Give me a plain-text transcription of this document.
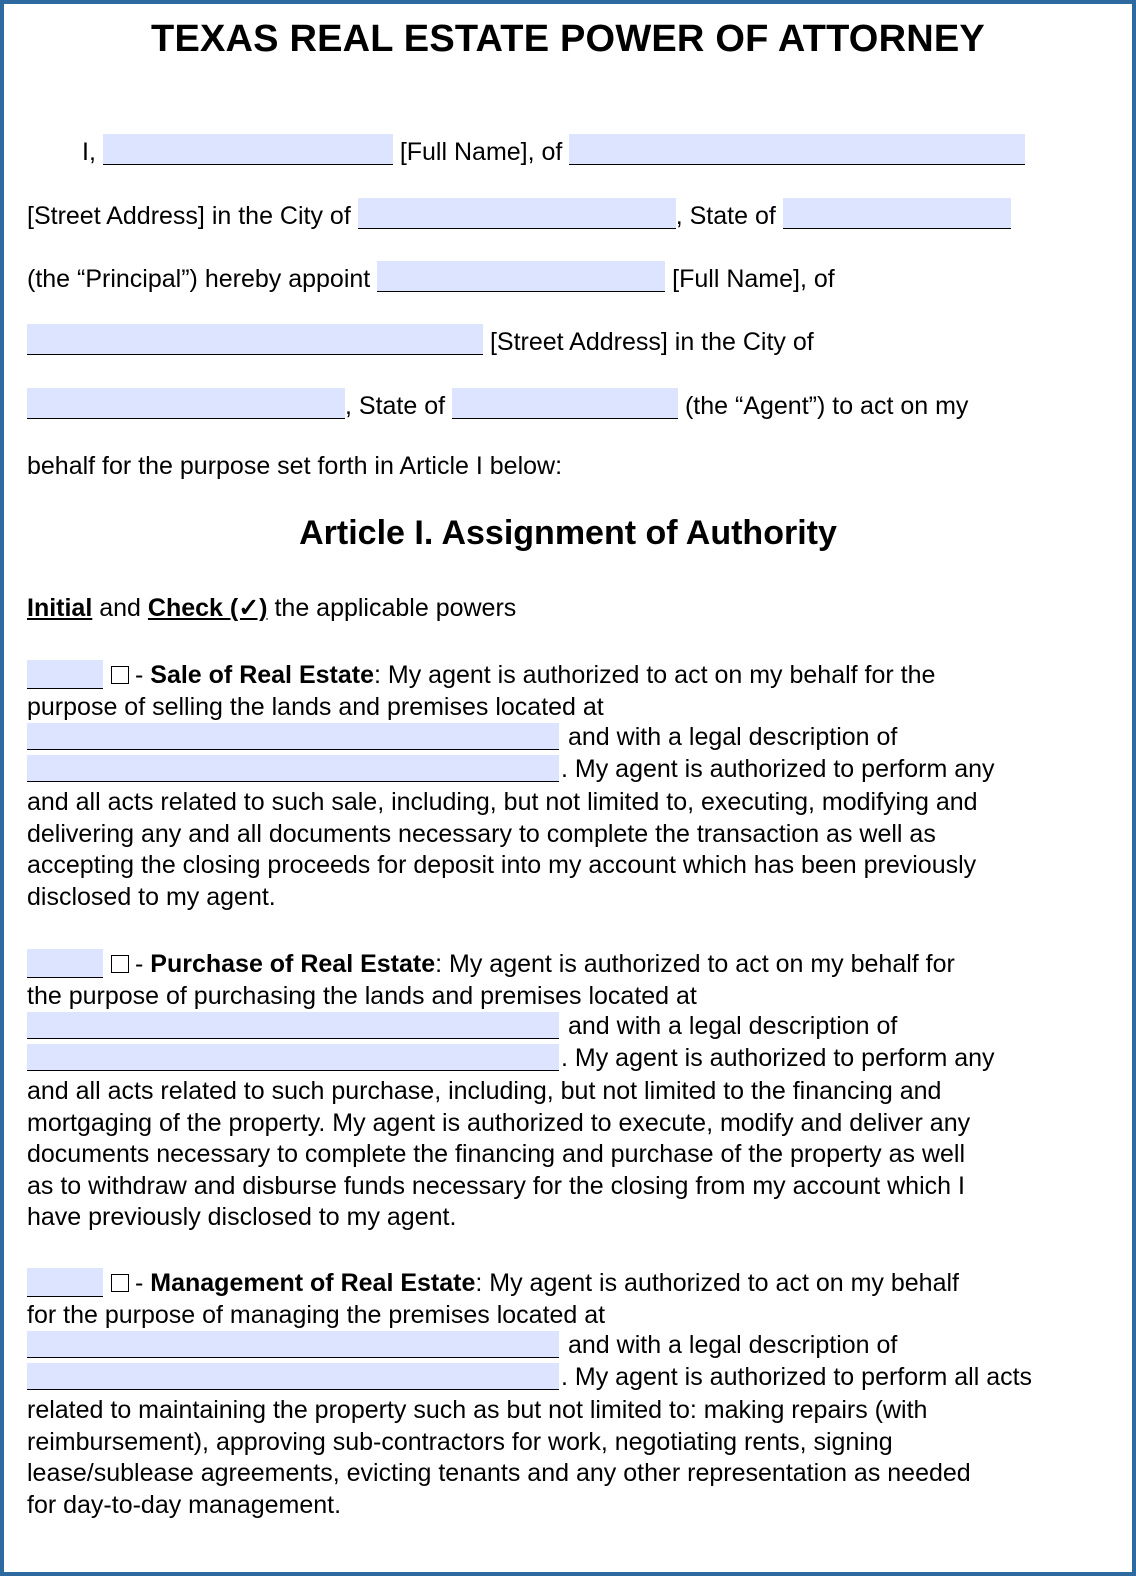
TEXAS REAL ESTATE POWER OF ATTORNEY
I,	[Full Name], of
[Street Address] in the City of	, State of
(the “Principal”) hereby appoint	[Full Name], of
[Street Address] in the City of
, State of	(the “Agent”) to act on my
behalf for the purpose set forth in Article I below:
Article I. Assignment of Authority
Initial and Check (✓) the applicable powers
- Sale of Real Estate: My agent is authorized to act on my behalf for the
purpose of selling the lands and premises located at
and with a legal description of
. My agent is authorized to perform any
and all acts related to such sale, including, but not limited to, executing, modifying and
delivering any and all documents necessary to complete the transaction as well as
accepting the closing proceeds for deposit into my account which has been previously
disclosed to my agent.
- Purchase of Real Estate: My agent is authorized to act on my behalf for
the purpose of purchasing the lands and premises located at
and with a legal description of
. My agent is authorized to perform any
and all acts related to such purchase, including, but not limited to the financing and
mortgaging of the property. My agent is authorized to execute, modify and deliver any
documents necessary to complete the financing and purchase of the property as well
as to withdraw and disburse funds necessary for the closing from my account which I
have previously disclosed to my agent.
- Management of Real Estate: My agent is authorized to act on my behalf
for the purpose of managing the premises located at
and with a legal description of
. My agent is authorized to perform all acts
related to maintaining the property such as but not limited to: making repairs (with
reimbursement), approving sub-contractors for work, negotiating rents, signing
lease/sublease agreements, evicting tenants and any other representation as needed
for day-to-day management.
